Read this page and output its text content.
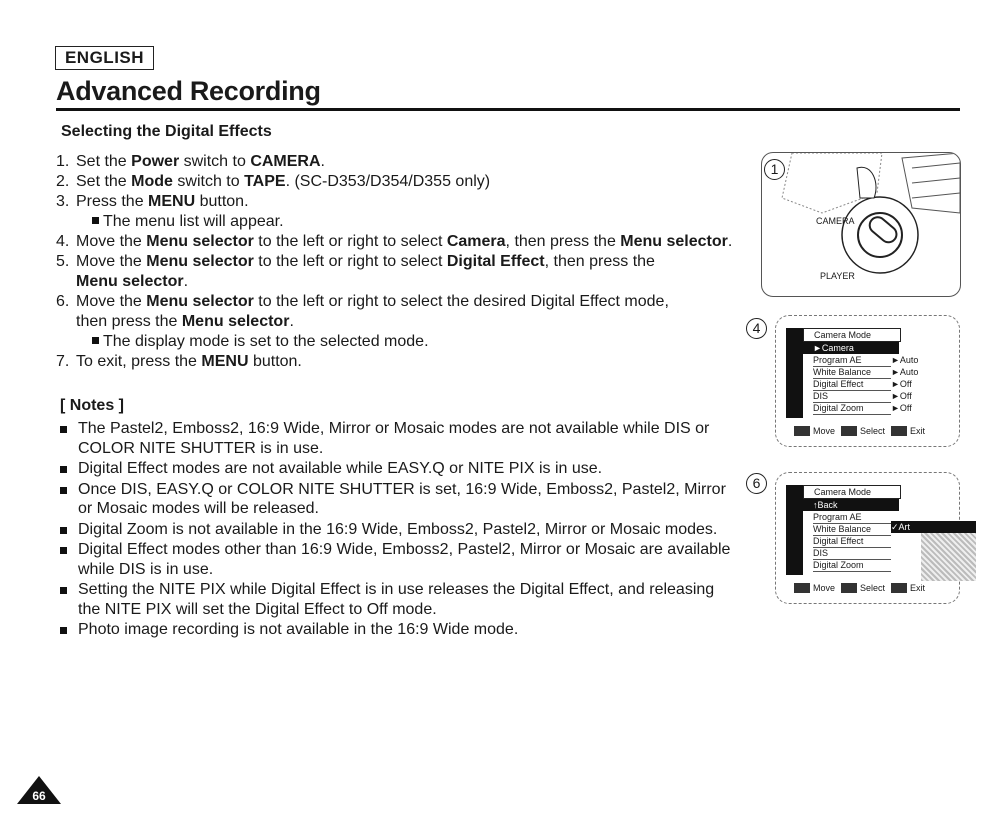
ENGLISH
Advanced Recording
Selecting the Digital Effects
1. Set the Power switch to CAMERA.
2. Set the Mode switch to TAPE. (SC-D353/D354/D355 only)
3. Press the MENU button.
The menu list will appear.
4. Move the Menu selector to the left or right to select Camera, then press the Menu selector.
5. Move the Menu selector to the left or right to select Digital Effect, then press the Menu selector.
6. Move the Menu selector to the left or right to select the desired Digital Effect mode, then press the Menu selector.
The display mode is set to the selected mode.
7. To exit, press the MENU button.
[ Notes ]
The Pastel2, Emboss2, 16:9 Wide, Mirror or Mosaic modes are not available while DIS or COLOR NITE SHUTTER is in use.
Digital Effect modes are not available while EASY.Q or NITE PIX is in use.
Once DIS, EASY.Q or COLOR NITE SHUTTER is set, 16:9 Wide, Emboss2, Pastel2, Mirror or Mosaic modes will be released.
Digital Zoom is not available in the 16:9 Wide, Emboss2, Pastel2, Mirror or Mosaic modes.
Digital Effect modes other than 16:9 Wide, Emboss2, Pastel2, Mirror or Mosaic are available while DIS is in use.
Setting the NITE PIX while Digital Effect is in use releases the Digital Effect, and releasing the NITE PIX will set the Digital Effect to Off mode.
Photo image recording is not available in the 16:9 Wide mode.
1
CAMERA
PLAYER
4	Camera Mode
►Camera
Program AE	►Auto
White Balance ►Auto
Digital Effect	►Off
DIS	►Off
Digital Zoom	►Off
Move	Select	Exit
6
Camera Mode
↑Back
Program AE
White Balance
Digital Effect
DIS
Digital Zoom
✓Art
Move	Select	Exit
66
